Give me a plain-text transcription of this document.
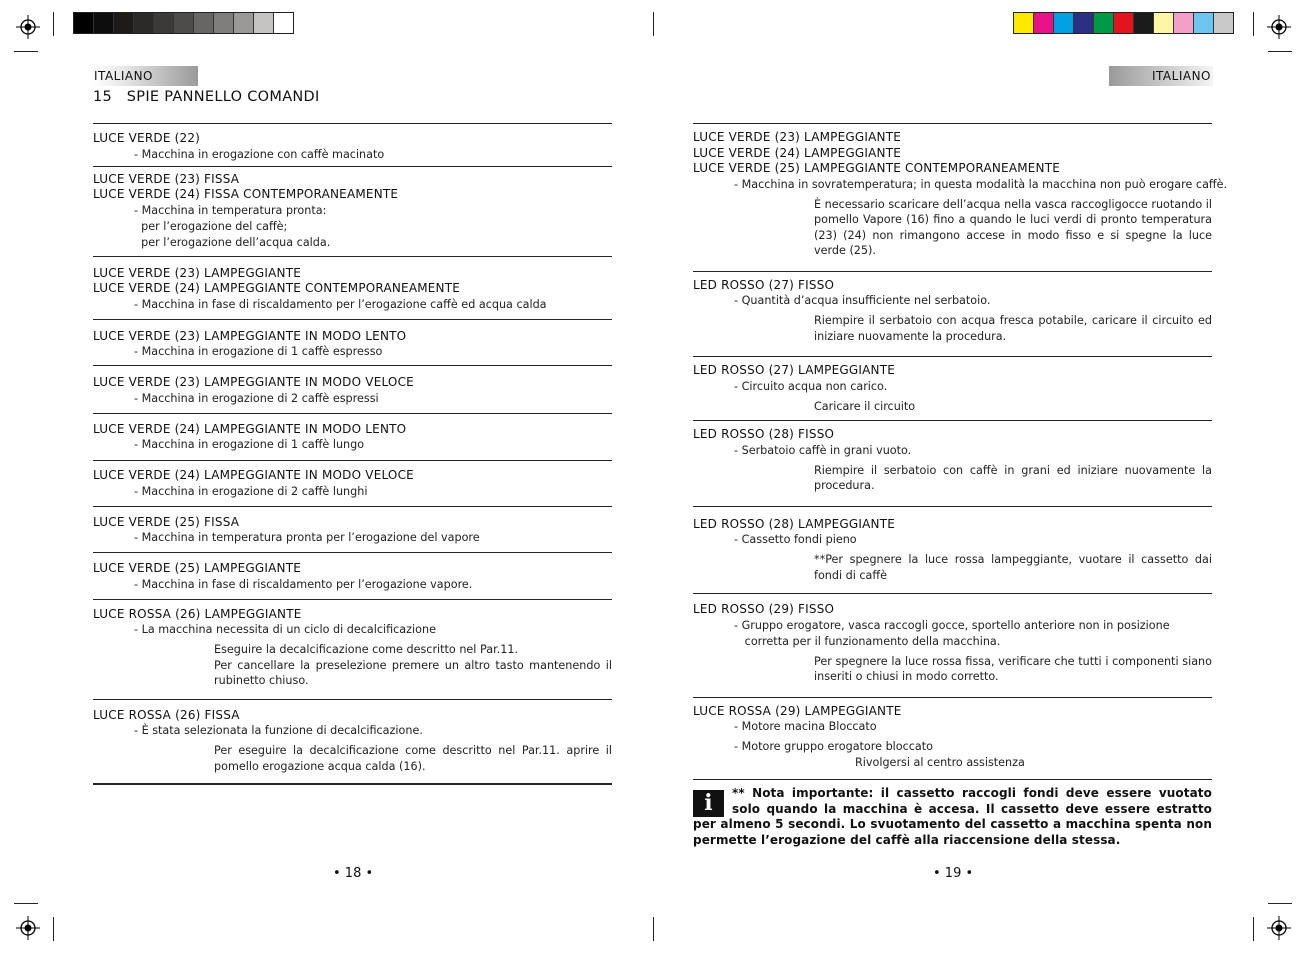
ITALIANO	ITALIANO
15 SPIE PANNELLO COMANDI
LUCE VERDE (22)
- Macchina in erogazione con caffè macinato
LUCE VERDE (23) FISSA
LUCE VERDE (24) FISSA CONTEMPORANEAMENTE
- Macchina in temperatura pronta:
per l’erogazione del caffè;
per l’erogazione dell’acqua calda.
LUCE VERDE (23) LAMPEGGIANTE
LUCE VERDE (24) LAMPEGGIANTE CONTEMPORANEAMENTE
- Macchina in fase di riscaldamento per l’erogazione caffè ed acqua calda
LUCE VERDE (23) LAMPEGGIANTE IN MODO LENTO
- Macchina in erogazione di 1 caffè espresso
LUCE VERDE (23) LAMPEGGIANTE IN MODO VELOCE
- Macchina in erogazione di 2 caffè espressi
LUCE VERDE (24) LAMPEGGIANTE IN MODO LENTO
- Macchina in erogazione di 1 caffè lungo
LUCE VERDE (24) LAMPEGGIANTE IN MODO VELOCE
- Macchina in erogazione di 2 caffè lunghi
LUCE VERDE (25) FISSA
- Macchina in temperatura pronta per l’erogazione del vapore
LUCE VERDE (25) LAMPEGGIANTE
- Macchina in fase di riscaldamento per l’erogazione vapore.
LUCE ROSSA (26) LAMPEGGIANTE
- La macchina necessita di un ciclo di decalcificazione
Eseguire la decalcificazione come descritto nel Par.11.
Per cancellare la preselezione premere un altro tasto mantenendo il rubinetto chiuso.
LUCE ROSSA (26) FISSA
- È stata selezionata la funzione di decalcificazione.
Per eseguire la decalcificazione come descritto nel Par.11. aprire il pomello erogazione acqua calda (16).
LUCE VERDE (23) LAMPEGGIANTE
LUCE VERDE (24) LAMPEGGIANTE
LUCE VERDE (25) LAMPEGGIANTE CONTEMPORANEAMENTE
- Macchina in sovratemperatura; in questa modalità la macchina non può erogare caffè.
È necessario scaricare dell’acqua nella vasca raccogligocce ruotando il pomello Vapore (16) fino a quando le luci verdi di pronto temperatura (23) (24) non rimangono accese in modo fisso e si spegne la luce verde (25).
LED ROSSO (27) FISSO
- Quantità d’acqua insufficiente nel serbatoio.
Riempire il serbatoio con acqua fresca potabile, caricare il circuito ed iniziare nuovamente la procedura.
LED ROSSO (27) LAMPEGGIANTE
- Circuito acqua non carico.
Caricare il circuito
LED ROSSO (28) FISSO
- Serbatoio caffè in grani vuoto.
Riempire il serbatoio con caffè in grani ed iniziare nuovamente la procedura.
LED ROSSO (28) LAMPEGGIANTE
- Cassetto fondi pieno
**Per spegnere la luce rossa lampeggiante, vuotare il cassetto dai fondi di caffè
LED ROSSO (29) FISSO
- Gruppo erogatore, vasca raccogli gocce, sportello anteriore non in posizione
corretta per il funzionamento della macchina.
Per spegnere la luce rossa fissa, verificare che tutti i componenti siano inseriti o chiusi in modo corretto.
LUCE ROSSA (29) LAMPEGGIANTE
- Motore macina Bloccato
- Motore gruppo erogatore bloccato
Rivolgersi al centro assistenza
i	** Nota importante: il cassetto raccogli fondi deve essere vuotato solo quando la macchina è accesa. Il cassetto deve essere estratto per almeno 5 secondi. Lo svuotamento del cassetto a macchina spenta non permette l’erogazione del caffè alla riaccensione della stessa.
• 18 •	• 19 •
